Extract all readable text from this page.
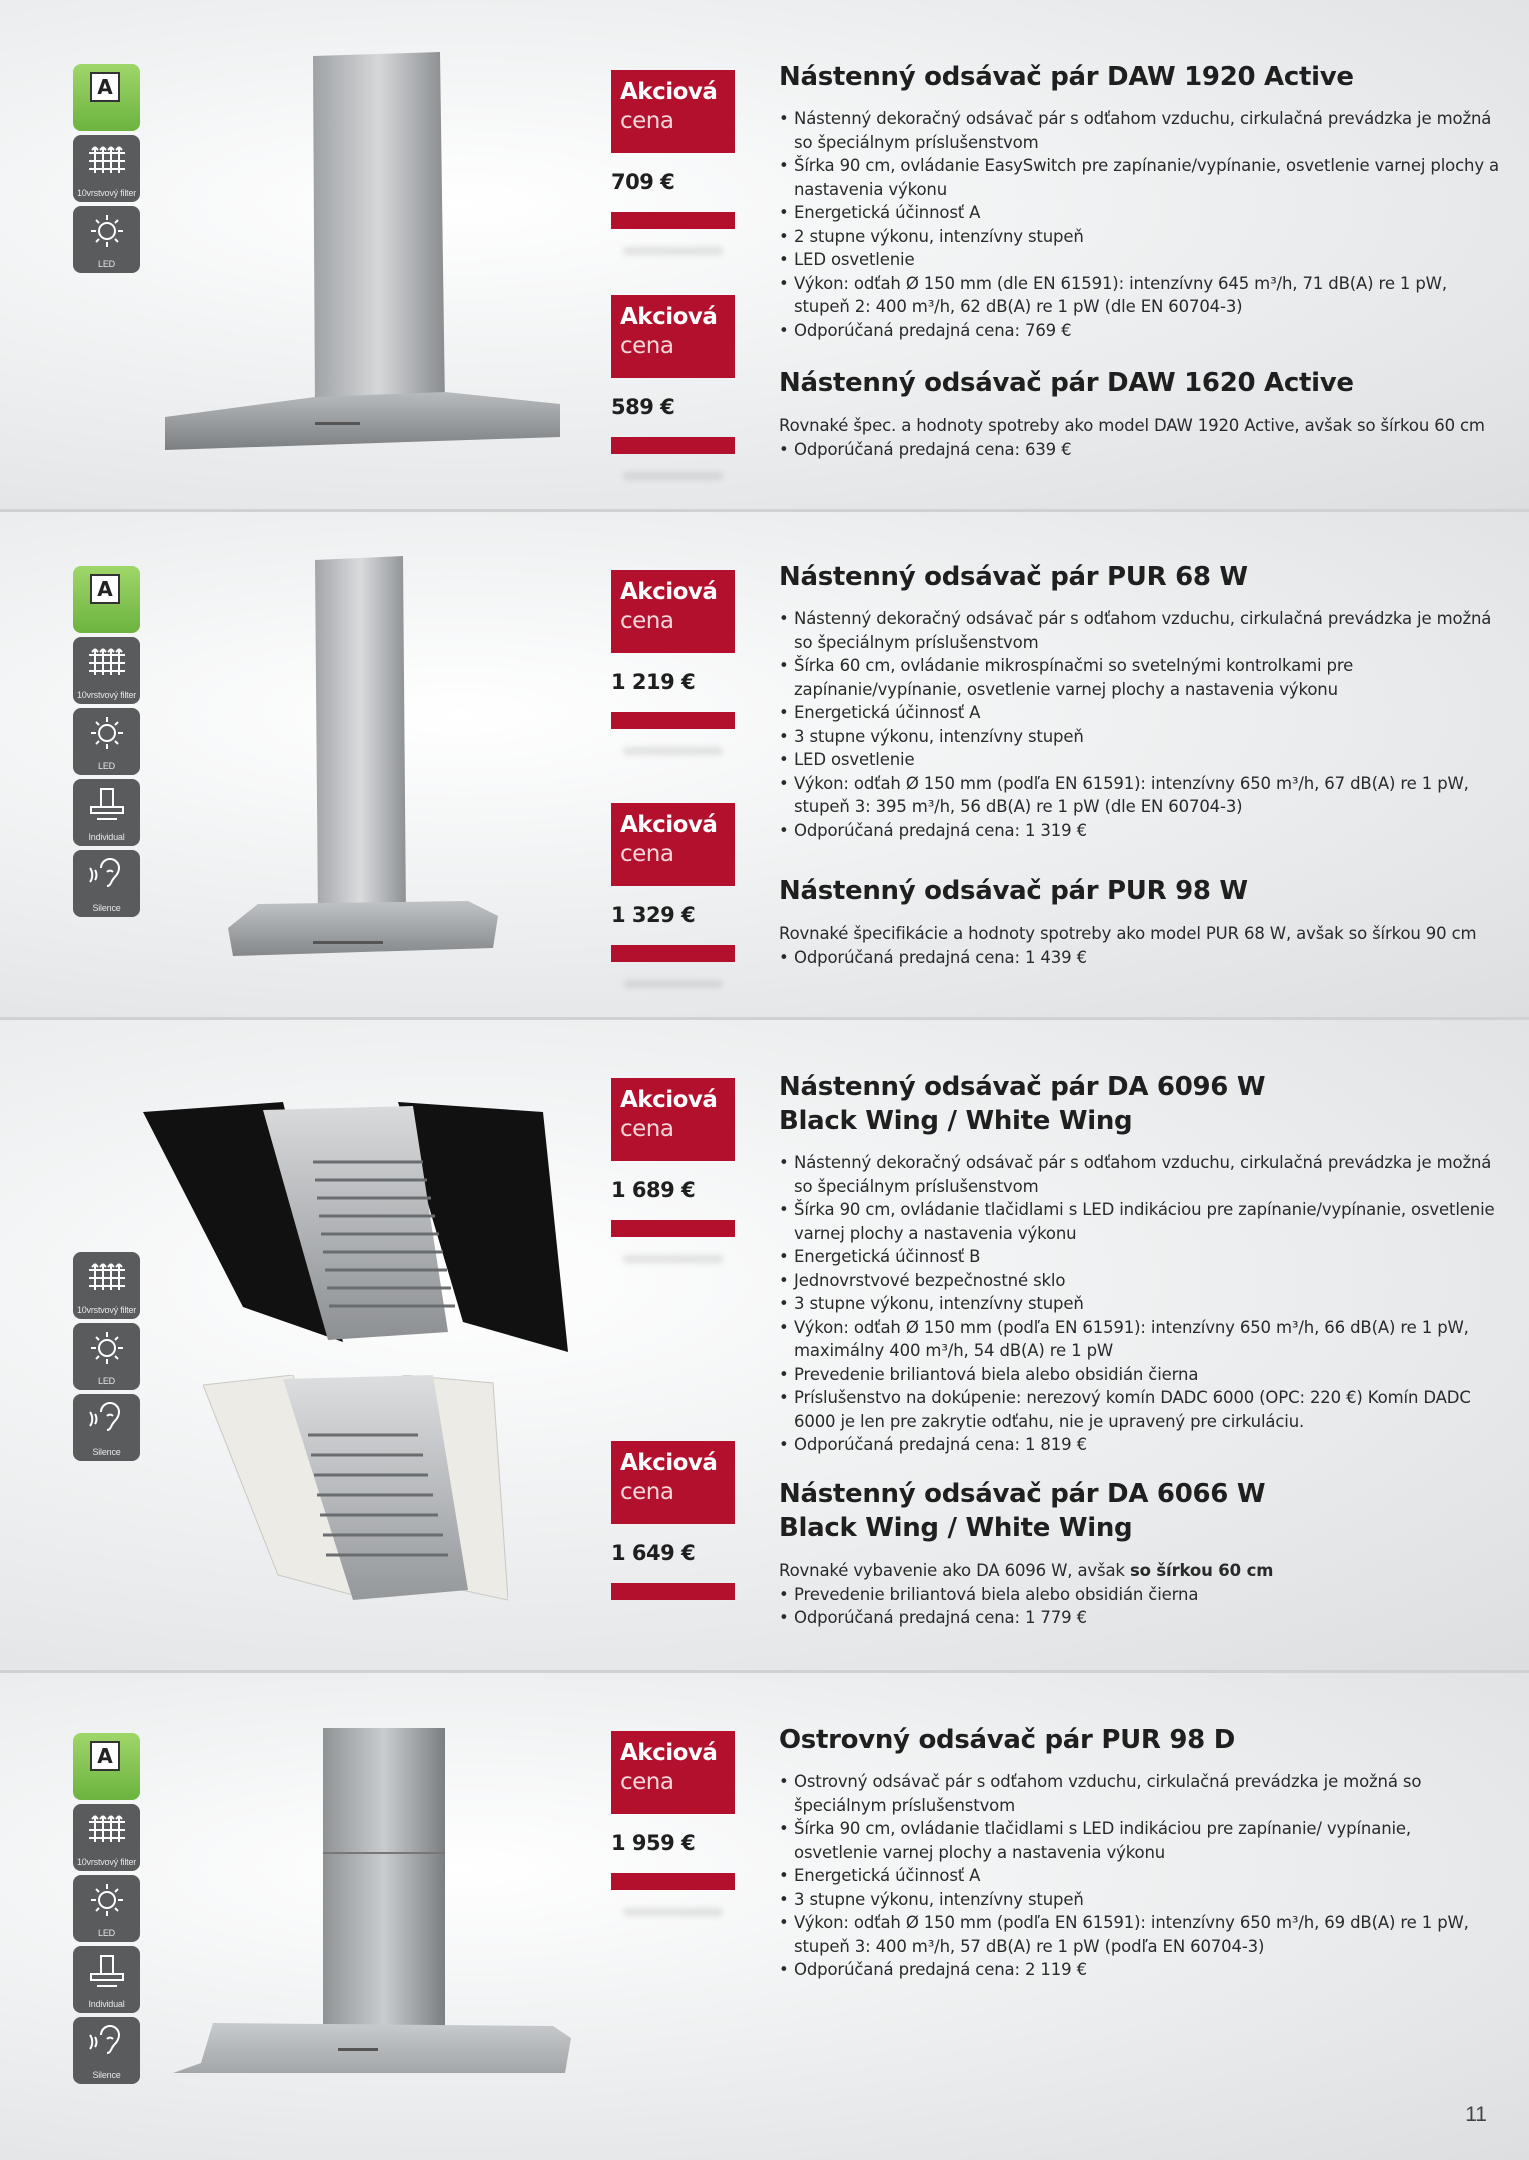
A
10vrstvový filter
LED
Akciová
cena
709 €
Akciová
cena
589 €
Nástenný odsávač pár DAW 1920 Active
• Nástenný dekoračný odsávač pár s odťahom vzduchu, cirkulačná prevádzka je možná so špeciálnym príslušenstvom
• Šírka 90 cm, ovládanie EasySwitch pre zapínanie/vypínanie, osvetlenie varnej plochy a nastavenia výkonu
• Energetická účinnosť A
• 2 stupne výkonu, intenzívny stupeň
• LED osvetlenie
• Výkon: odťah Ø 150 mm (dle EN 61591): intenzívny 645 m³/h, 71 dB(A) re 1 pW, stupeň 2: 400 m³/h, 62 dB(A) re 1 pW (dle EN 60704-3)
• Odporúčaná predajná cena: 769 €
Nástenný odsávač pár DAW 1620 Active

Rovnaké špec. a hodnoty spotreby ako model DAW 1920 Active, avšak so šírkou 60 cm

• Odporúčaná predajná cena: 639 €
A
10vrstvový filter
LED
Individual
Silence
Akciová
cena
1 219 €
Akciová
cena
1 329 €
Nástenný odsávač pár PUR 68 W
• Nástenný dekoračný odsávač pár s odťahom vzduchu, cirkulačná prevádzka je možná so špeciálnym príslušenstvom
• Šírka 60 cm, ovládanie mikrospínačmi so svetelnými kontrolkami pre zapínanie/vypínanie, osvetlenie varnej plochy a nastavenia výkonu
• Energetická účinnosť A
• 3 stupne výkonu, intenzívny stupeň
• LED osvetlenie
• Výkon: odťah Ø 150 mm (podľa EN 61591): intenzívny 650 m³/h, 67 dB(A) re 1 pW, stupeň 3: 395 m³/h, 56 dB(A) re 1 pW (dle EN 60704-3)
• Odporúčaná predajná cena: 1 319 €
Nástenný odsávač pár PUR 98 W

Rovnaké špecifikácie a hodnoty spotreby ako model PUR 68 W, avšak so šírkou 90 cm

• Odporúčaná predajná cena: 1 439 €
10vrstvový filter
LED
Silence
Akciová
cena
1 689 €
Akciová
cena
1 649 €
Nástenný odsávač pár DA 6096 W
Black Wing / White Wing
• Nástenný dekoračný odsávač pár s odťahom vzduchu, cirkulačná prevádzka je možná so špeciálnym príslušenstvom
• Šírka 90 cm, ovládanie tlačidlami s LED indikáciou pre zapínanie/vypínanie, osvetlenie varnej plochy a nastavenia výkonu
• Energetická účinnosť B
• Jednovrstvové bezpečnostné sklo
• 3 stupne výkonu, intenzívny stupeň
• Výkon: odťah Ø 150 mm (podľa EN 61591): intenzívny 650 m³/h, 66 dB(A) re 1 pW, maximálny 400 m³/h, 54 dB(A) re 1 pW
• Prevedenie briliantová biela alebo obsidián čierna
• Príslušenstvo na dokúpenie: nerezový komín DADC 6000 (OPC: 220 €) Komín DADC 6000 je len pre zakrytie odťahu, nie je upravený pre cirkuláciu.
• Odporúčaná predajná cena: 1 819 €
Nástenný odsávač pár DA 6066 W
Black Wing / White Wing

Rovnaké vybavenie ako DA 6096 W, avšak so šírkou 60 cm

• Prevedenie briliantová biela alebo obsidián čierna
• Odporúčaná predajná cena: 1 779 €
A
10vrstvový filter
LED
Individual
Silence
Akciová
cena
1 959 €
Ostrovný odsávač pár PUR 98 D
• Ostrovný odsávač pár s odťahom vzduchu, cirkulačná prevádzka je možná so špeciálnym príslušenstvom
• Šírka 90 cm, ovládanie tlačidlami s LED indikáciou pre zapínanie/ vypínanie, osvetlenie varnej plochy a nastavenia výkonu
• Energetická účinnosť A
• 3 stupne výkonu, intenzívny stupeň
• Výkon: odťah Ø 150 mm (podľa EN 61591): intenzívny 650 m³/h, 69 dB(A) re 1 pW, stupeň 3: 400 m³/h, 57 dB(A) re 1 pW (podľa EN 60704-3)
• Odporúčaná predajná cena: 2 119 €
11
